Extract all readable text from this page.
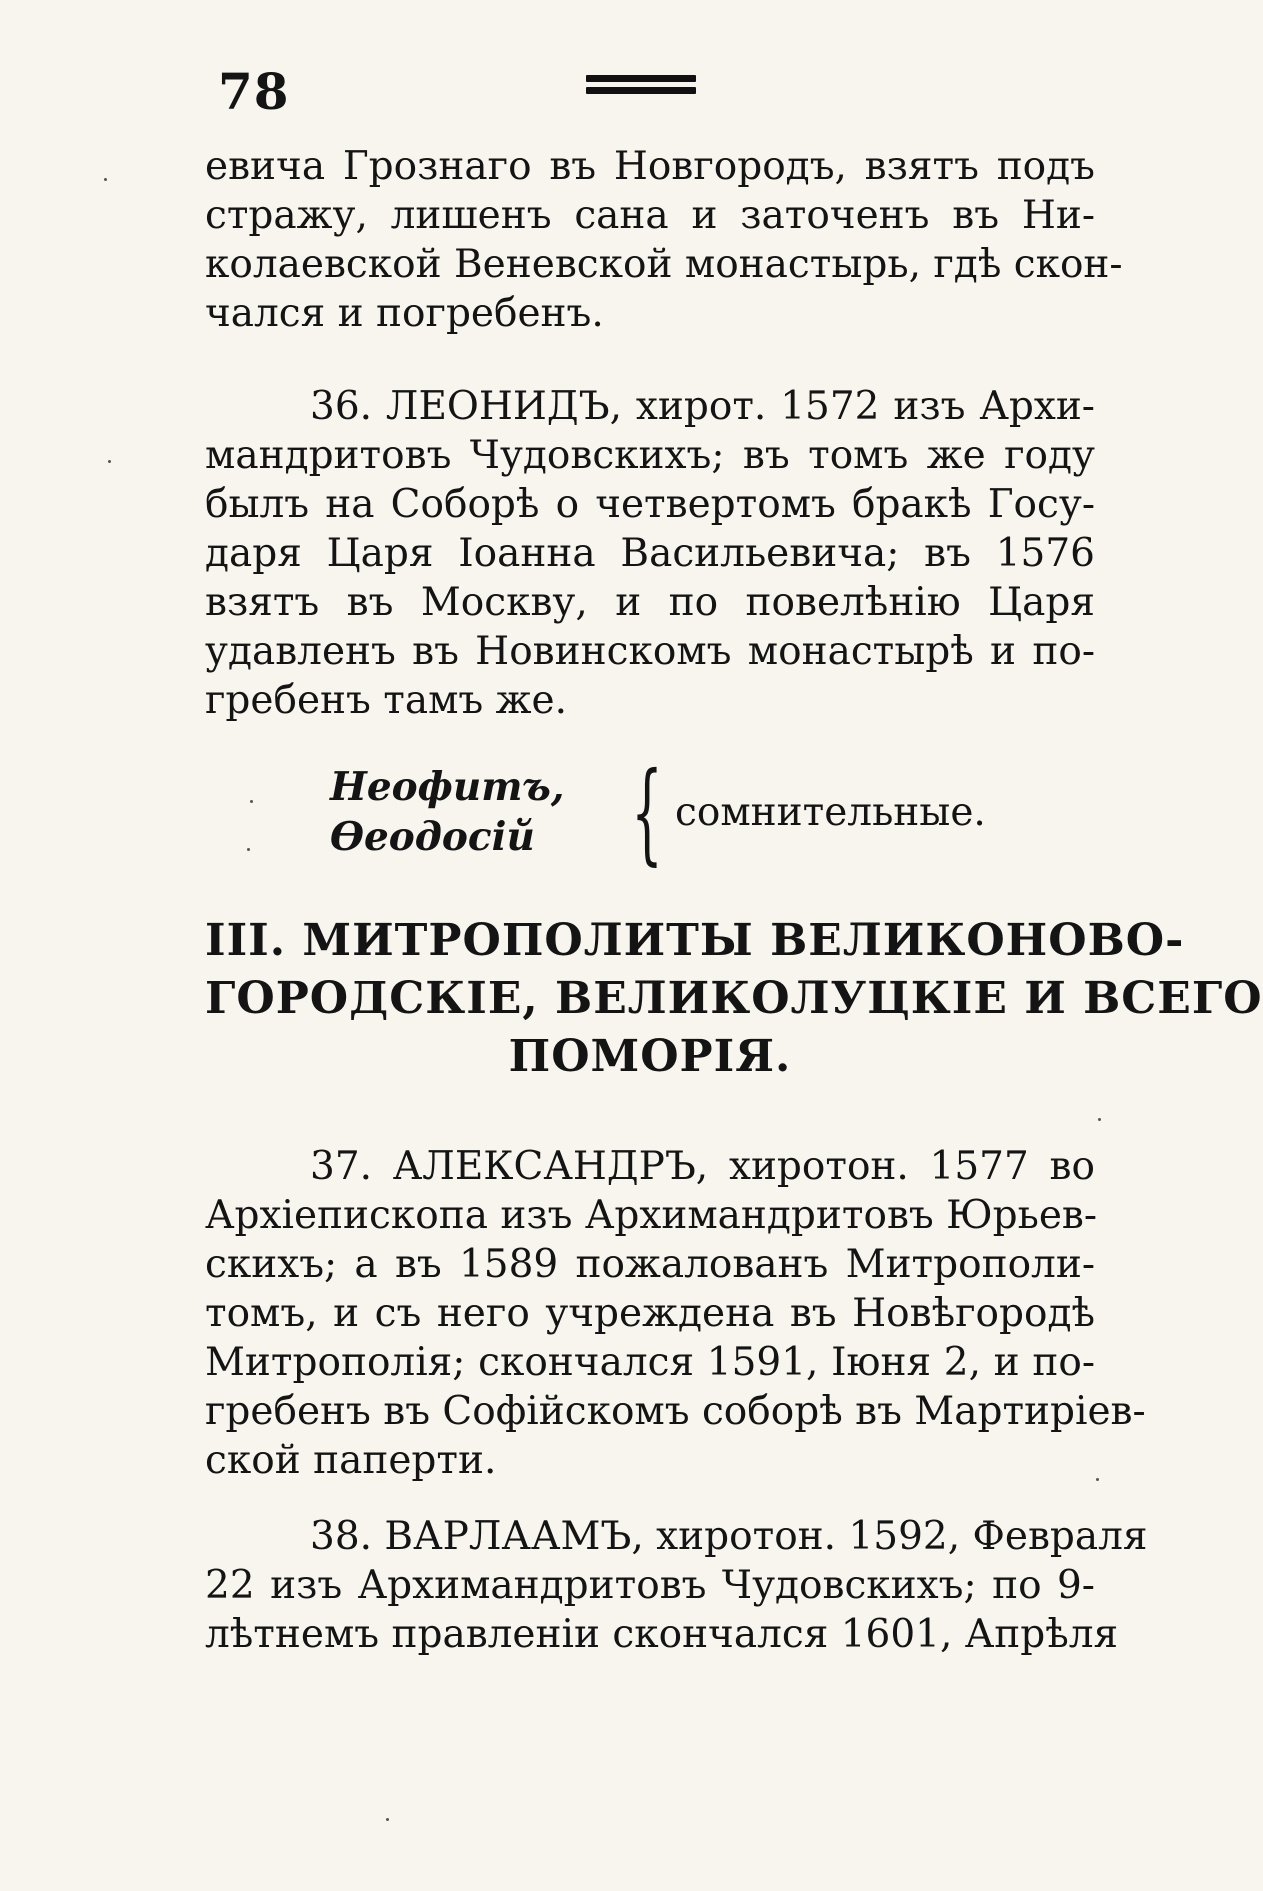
78
евича Грознаго въ Новгородъ, взятъ подъ
стражу, лишенъ сана и заточенъ въ Ни-
колаевской Веневской монастырь, гдѣ скон-
чался и погребенъ.
36. ЛЕОНИДЪ, хирот. 1572 изъ Архи-
мандритовъ Чудовскихъ; въ томъ же году
былъ на Соборѣ о четвертомъ бракѣ Госу-
даря Царя Іоанна Васильевича; въ 1576
взятъ въ Москву, и по повелѣнію Царя
удавленъ въ Новинскомъ монастырѣ и по-
гребенъ тамъ же.
Неофитъ,
Ѳеодосій { сомнительные.
III. МИТРОПОЛИТЫ ВЕЛИКОНОВО-
ГОРОДСКІЕ, ВЕЛИКОЛУЦКІЕ И ВСЕГО
ПОМОРІЯ.
37. АЛЕКСАНДРЪ, хиротон. 1577 во
Архіепископа изъ Архимандритовъ Юрьев-
скихъ; а въ 1589 пожалованъ Митрополи-
томъ, и съ него учреждена въ Новѣгородѣ
Митрополія; скончался 1591, Іюня 2, и по-
гребенъ въ Софійскомъ соборѣ въ Мартиріев-
ской паперти.
38. ВАРЛААМЪ, хиротон. 1592, Февраля
22 изъ Архимандритовъ Чудовскихъ; по 9-
лѣтнемъ правленіи скончался 1601, Апрѣля
